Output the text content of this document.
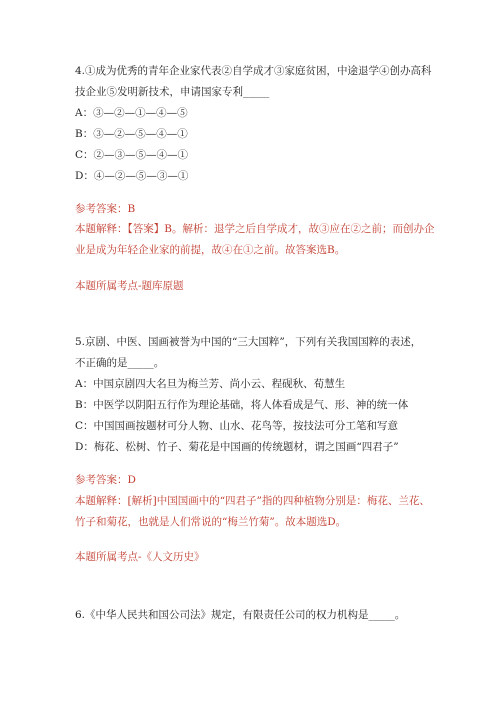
4.①成为优秀的青年企业家代表②自学成才③家庭贫困，中途退学④创办高科
技企业⑤发明新技术，申请国家专利_____
A：③—②—①—④—⑤
B：③—②—⑤—④—①
C：②—③—⑤—④—①
D：④—②—⑤—③—①
参考答案：B
本题解释：【答案】B。解析：退学之后自学成才，故③应在②之前；而创办企
业是成为年轻企业家的前提，故④在①之前。故答案选B。
本题所属考点-题库原题
5.京剧、中医、国画被誉为中国的“三大国粹”，下列有关我国国粹的表述，
不正确的是_____。
A：中国京剧四大名旦为梅兰芳、尚小云、程砚秋、荀慧生
B：中医学以阴阳五行作为理论基础，将人体看成是气、形、神的统一体
C：中国国画按题材可分人物、山水、花鸟等，按技法可分工笔和写意
D：梅花、松树、竹子、菊花是中国画的传统题材，谓之国画“四君子”
参考答案：D
本题解释：[解析]中国国画中的“四君子”指的四种植物分别是：梅花、兰花、
竹子和菊花，也就是人们常说的“梅兰竹菊”。故本题选D。
本题所属考点-《人文历史》
6.《中华人民共和国公司法》规定，有限责任公司的权力机构是_____。
